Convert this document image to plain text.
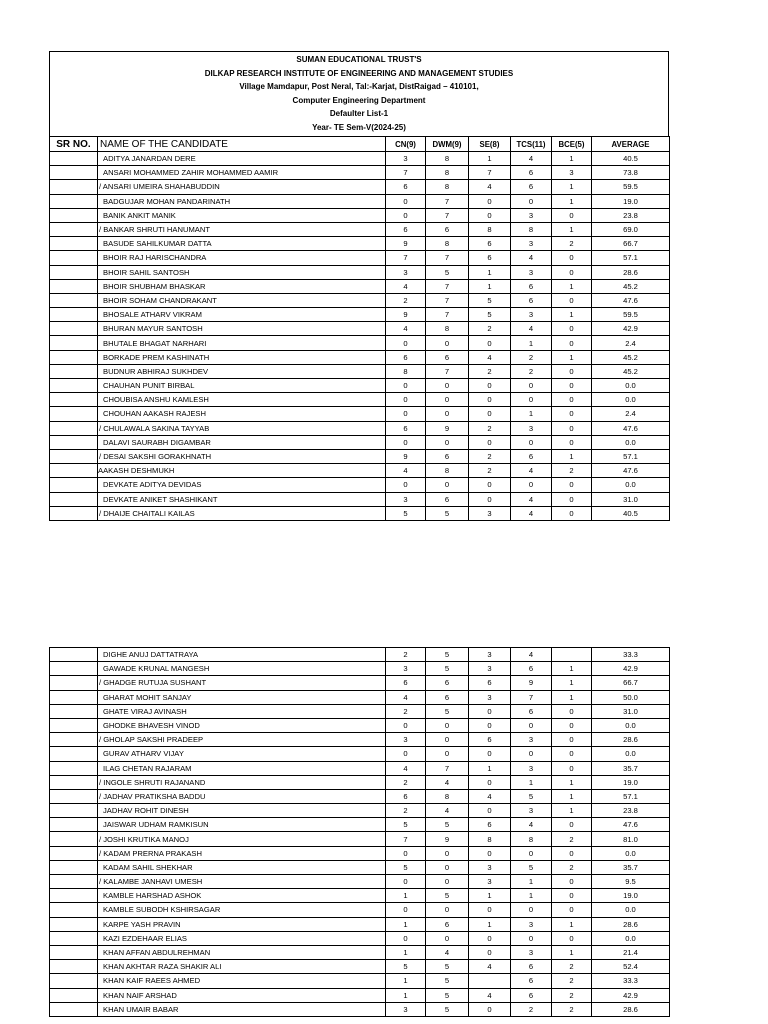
SUMAN EDUCATIONAL TRUST'S
DILKAP RESEARCH INSTITUTE OF ENGINEERING AND MANAGEMENT STUDIES
Village Mamdapur, Post Neral, Tal:-Karjat, DistRaigad – 410101,
Computer Engineering Department
Defaulter List-1
Year- TE Sem-V(2024-25)
SR NO.	NAME OF THE CANDIDATE	CN(9)	DWM(9)	SE(8)	TCS(11)	BCE(5)	AVERAGE
	ADITYA JANARDAN DERE	3	8	1	4	1	40.5
	ANSARI MOHAMMED ZAHIR MOHAMMED AAMIR	7	8	7	6	3	73.8
	/ ANSARI UMEIRA SHAHABUDDIN	6	8	4	6	1	59.5
	BADGUJAR MOHAN PANDARINATH	0	7	0	0	1	19.0
	BANIK ANKIT MANIK	0	7	0	3	0	23.8
	/ BANKAR SHRUTI HANUMANT	6	6	8	8	1	69.0
	BASUDE SAHILKUMAR DATTA	9	8	6	3	2	66.7
	BHOIR RAJ HARISCHANDRA	7	7	6	4	0	57.1
	BHOIR SAHIL SANTOSH	3	5	1	3	0	28.6
	BHOIR SHUBHAM BHASKAR	4	7	1	6	1	45.2
	BHOIR SOHAM CHANDRAKANT	2	7	5	6	0	47.6
	BHOSALE ATHARV VIKRAM	9	7	5	3	1	59.5
	BHURAN MAYUR SANTOSH	4	8	2	4	0	42.9
	BHUTALE BHAGAT NARHARI	0	0	0	1	0	2.4
	BORKADE PREM KASHINATH	6	6	4	2	1	45.2
	BUDNUR ABHIRAJ SUKHDEV	8	7	2	2	0	45.2
	CHAUHAN PUNIT BIRBAL	0	0	0	0	0	0.0
	CHOUBISA ANSHU KAMLESH	0	0	0	0	0	0.0
	CHOUHAN AAKASH RAJESH	0	0	0	1	0	2.4
	/ CHULAWALA SAKINA TAYYAB	6	9	2	3	0	47.6
	DALAVI SAURABH DIGAMBAR	0	0	0	0	0	0.0
	/ DESAI SAKSHI GORAKHNATH	9	6	2	6	1	57.1
	AAKASH DESHMUKH	4	8	2	4	2	47.6
	DEVKATE ADITYA DEVIDAS	0	0	0	0	0	0.0
	DEVKATE ANIKET SHASHIKANT	3	6	0	4	0	31.0
	/ DHAIJE CHAITALI KAILAS	5	5	3	4	0	40.5
	DIGHE ANUJ DATTATRAYA	2	5	3	4		33.3
	GAWADE KRUNAL MANGESH	3	5	3	6	1	42.9
	/ GHADGE RUTUJA SUSHANT	6	6	6	9	1	66.7
	GHARAT MOHIT SANJAY	4	6	3	7	1	50.0
	GHATE VIRAJ AVINASH	2	5	0	6	0	31.0
	GHODKE BHAVESH VINOD	0	0	0	0	0	0.0
	/ GHOLAP SAKSHI PRADEEP	3	0	6	3	0	28.6
	GURAV ATHARV VIJAY	0	0	0	0	0	0.0
	ILAG CHETAN RAJARAM	4	7	1	3	0	35.7
	/ INGOLE SHRUTI RAJANAND	2	4	0	1	1	19.0
	/ JADHAV PRATIKSHA BADDU	6	8	4	5	1	57.1
	JADHAV ROHIT DINESH	2	4	0	3	1	23.8
	JAISWAR UDHAM RAMKISUN	5	5	6	4	0	47.6
	/ JOSHI KRUTIKA MANOJ	7	9	8	8	2	81.0
	/ KADAM PRERNA PRAKASH	0	0	0	0	0	0.0
	KADAM SAHIL SHEKHAR	5	0	3	5	2	35.7
	/ KALAMBE JANHAVI UMESH	0	0	3	1	0	9.5
	KAMBLE HARSHAD ASHOK	1	5	1	1	0	19.0
	KAMBLE SUBODH KSHIRSAGAR	0	0	0	0	0	0.0
	KARPE YASH PRAVIN	1	6	1	3	1	28.6
	KAZI EZDEHAAR ELIAS	0	0	0	0	0	0.0
	KHAN AFFAN ABDULREHMAN	1	4	0	3	1	21.4
	KHAN AKHTAR RAZA SHAKIR ALI	5	5	4	6	2	52.4
	KHAN KAIF RAEES AHMED	1	5		6	2	33.3
	KHAN NAIF ARSHAD	1	5	4	6	2	42.9
	KHAN UMAIR BABAR	3	5	0	2	2	28.6
